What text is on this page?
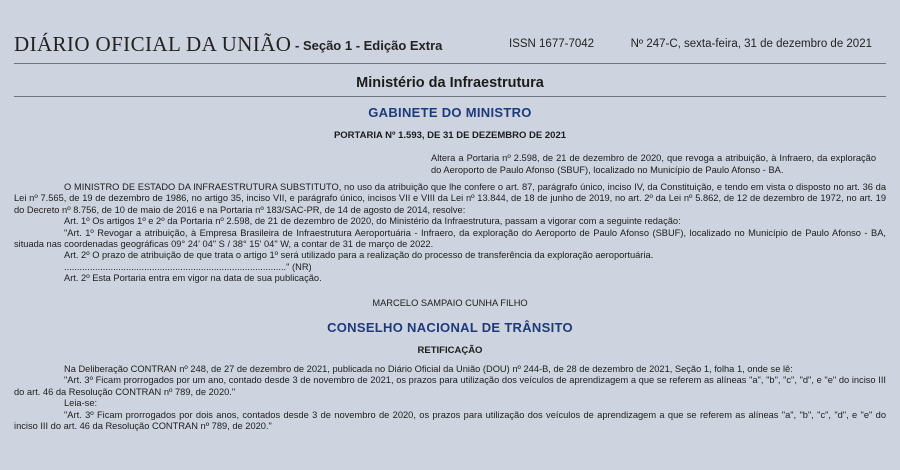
DIÁRIO OFICIAL DA UNIÃO - Seção 1 - Edição Extra	ISSN 1677-7042	Nº 247-C, sexta-feira, 31 de dezembro de 2021
Ministério da Infraestrutura
GABINETE DO MINISTRO
PORTARIA Nº 1.593, DE 31 DE DEZEMBRO DE 2021
Altera a Portaria nº 2.598, de 21 de dezembro de 2020, que revoga a atribuição, à Infraero, da exploração do Aeroporto de Paulo Afonso (SBUF), localizado no Município de Paulo Afonso - BA.

O MINISTRO DE ESTADO DA INFRAESTRUTURA SUBSTITUTO, no uso da atribuição que lhe confere o art. 87, parágrafo único, inciso IV, da Constituição, e tendo em vista o disposto no art. 36 da Lei nº 7.565, de 19 de dezembro de 1986, no artigo 35, inciso VII, e parágrafo único, incisos VII e VIII da Lei nº 13.844, de 18 de junho de 2019, no art. 2º da Lei nº 5.862, de 12 de dezembro de 1972, no art. 19 do Decreto nº 8.756, de 10 de maio de 2016 e na Portaria nº 183/SAC-PR, de 14 de agosto de 2014, resolve:

Art. 1º Os artigos 1º e 2º da Portaria nº 2.598, de 21 de dezembro de 2020, do Ministério da Infraestrutura, passam a vigorar com a seguinte redação:

"Art. 1º Revogar a atribuição, à Empresa Brasileira de Infraestrutura Aeroportuária - Infraero, da exploração do Aeroporto de Paulo Afonso (SBUF), localizado no Município de Paulo Afonso - BA, situada nas coordenadas geográficas 09° 24' 04" S / 38° 15' 04" W, a contar de 31 de março de 2022.

Art. 2º O prazo de atribuição de que trata o artigo 1º será utilizado para a realização do processo de transferência da exploração aeroportuária.

......................................................................................" (NR)

Art. 2º Esta Portaria entra em vigor na data de sua publicação.

MARCELO SAMPAIO CUNHA FILHO
CONSELHO NACIONAL DE TRÂNSITO
RETIFICAÇÃO

Na Deliberação CONTRAN nº 248, de 27 de dezembro de 2021, publicada no Diário Oficial da União (DOU) nº 244-B, de 28 de dezembro de 2021, Seção 1, folha 1, onde se lê:

"Art. 3º Ficam prorrogados por um ano, contado desde 3 de novembro de 2021, os prazos para utilização dos veículos de aprendizagem a que se referem as alíneas "a", "b", "c", "d", e "e" do inciso III do art. 46 da Resolução CONTRAN nº 789, de 2020."

Leia-se:

"Art. 3º Ficam prorrogados por dois anos, contados desde 3 de novembro de 2020, os prazos para utilização dos veículos de aprendizagem a que se referem as alíneas "a", "b", "c", "d", e "e" do inciso III do art. 46 da Resolução CONTRAN nº 789, de 2020."
